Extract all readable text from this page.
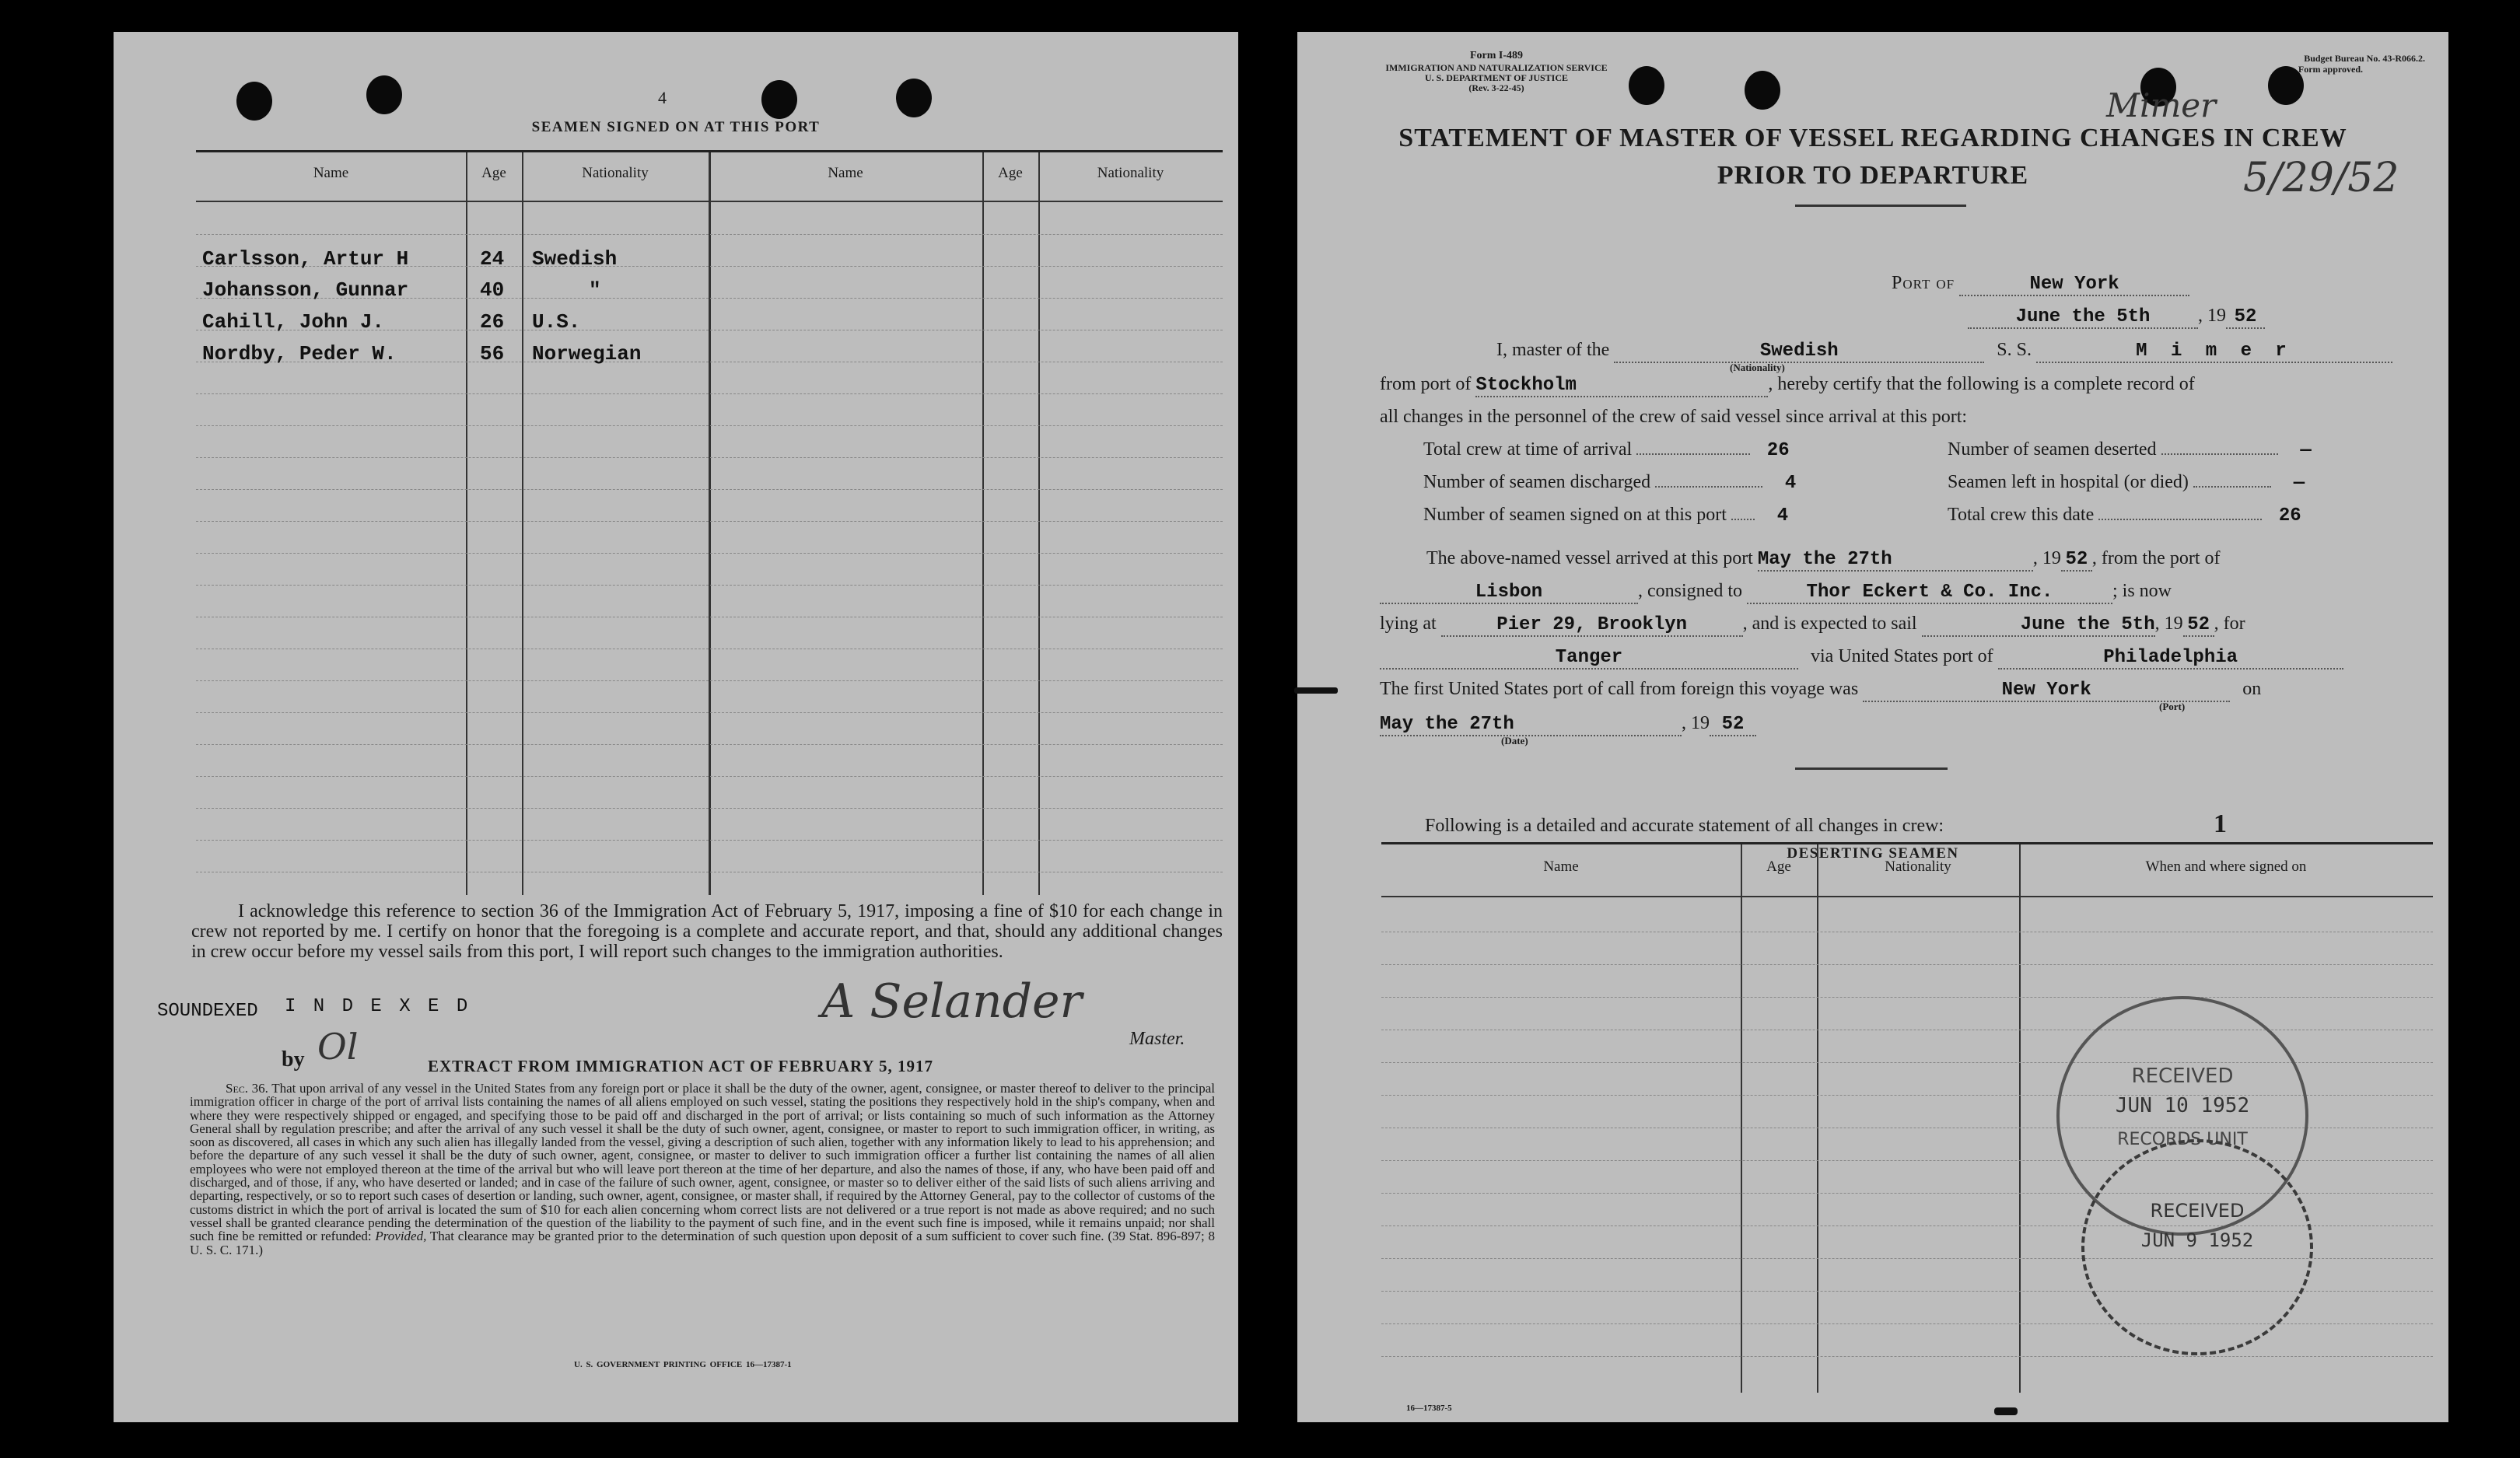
4
SEAMEN SIGNED ON AT THIS PORT
Name	Age	Nationality	Name	Age	Nationality
Carlsson, Artur H	24 Swedish
Johansson, Gunnar	40	"
Cahill, John J.	26 U.S.
Nordby, Peder W.	56 Norwegian
I acknowledge this reference to section 36 of the Immigration Act of February 5, 1917, imposing a fine of $10 for each change in crew not reported by me. I certify on honor that the foregoing is a complete and accurate report, and that, should any additional changes in crew occur before my vessel sails from this port, I will report such changes to the immigration authorities.
SOUNDEXED I N D E X E D
by Ol
A Selander
Master.
EXTRACT FROM IMMIGRATION ACT OF FEBRUARY 5, 1917
Sec. 36. That upon arrival of any vessel in the United States from any foreign port or place it shall be the duty of the owner, agent, consignee, or master thereof to deliver to the principal immigration officer in charge of the port of arrival lists containing the names of all aliens employed on such vessel, stating the positions they respectively hold in the ship's company, when and where they were respectively shipped or engaged, and specifying those to be paid off and discharged in the port of arrival; or lists containing so much of such information as the Attorney General shall by regulation prescribe; and after the arrival of any such vessel it shall be the duty of such owner, agent, consignee, or master to report to such immigration officer, in writing, as soon as discovered, all cases in which any such alien has illegally landed from the vessel, giving a description of such alien, together with any information likely to lead to his apprehension; and before the departure of any such vessel it shall be the duty of such owner, agent, consignee, or master to deliver to such immigration officer a further list containing the names of all alien employees who were not employed thereon at the time of the arrival but who will leave port thereon at the time of her departure, and also the names of those, if any, who have been paid off and discharged, and of those, if any, who have deserted or landed; and in case of the failure of such owner, agent, consignee, or master so to deliver either of the said lists of such aliens arriving and departing, respectively, or so to report such cases of desertion or landing, such owner, agent, consignee, or master shall, if required by the Attorney General, pay to the collector of customs of the customs district in which the port of arrival is located the sum of $10 for each alien concerning whom correct lists are not delivered or a true report is not made as above required; and no such vessel shall be granted clearance pending the determination of the question of the liability to the payment of such fine, and in the event such fine is imposed, while it remains unpaid; nor shall such fine be remitted or refunded: Provided, That clearance may be granted prior to the determination of such question upon deposit of a sum sufficient to cover such fine. (39 Stat. 896-897; 8 U. S. C. 171.)
U. S. GOVERNMENT PRINTING OFFICE 16—17387-1
Form I-489
IMMIGRATION AND NATURALIZATION SERVICE
U. S. DEPARTMENT OF JUSTICE
(Rev. 3-22-45)
Budget Bureau No. 43-R066.2.
Form approved.
Mimer
5/29/52
STATEMENT OF MASTER OF VESSEL REGARDING CHANGES IN CREW
PRIOR TO DEPARTURE
Port of	New York
June the 5th	, 19 52
I, master of the	Swedish	S. S.	M i m e r
(Nationality)
from port of Stockholm	, hereby certify that the following is a complete record of
all changes in the personnel of the crew of said vessel since arrival at this port:
Total crew at time of arrival	26
Number of seamen discharged	4
Number of seamen signed on at this port	4
Number of seamen deserted	—
Seamen left in hospital (or died)	—
Total crew this date	26
The above-named vessel arrived at this port May the 27th	, 19 52 , from the port of
Lisbon	, consigned to	Thor Eckert & Co. Inc.	; is now
lying at	Pier 29, Brooklyn	, and is expected to sail	June the 5th, 19 52 , for
Tanger	via United States port of	Philadelphia
The first United States port of call from foreign this voyage was	New York	on
(Port)
May the 27th	, 19 52
(Date)
Following is a detailed and accurate statement of all changes in crew:	1
DESERTING SEAMEN
Name	Age	Nationality	When and where signed on
RECEIVED
JUN 10 1952
RECORDS UNIT
RECEIVED
JUN 9 1952
16—17387-5
